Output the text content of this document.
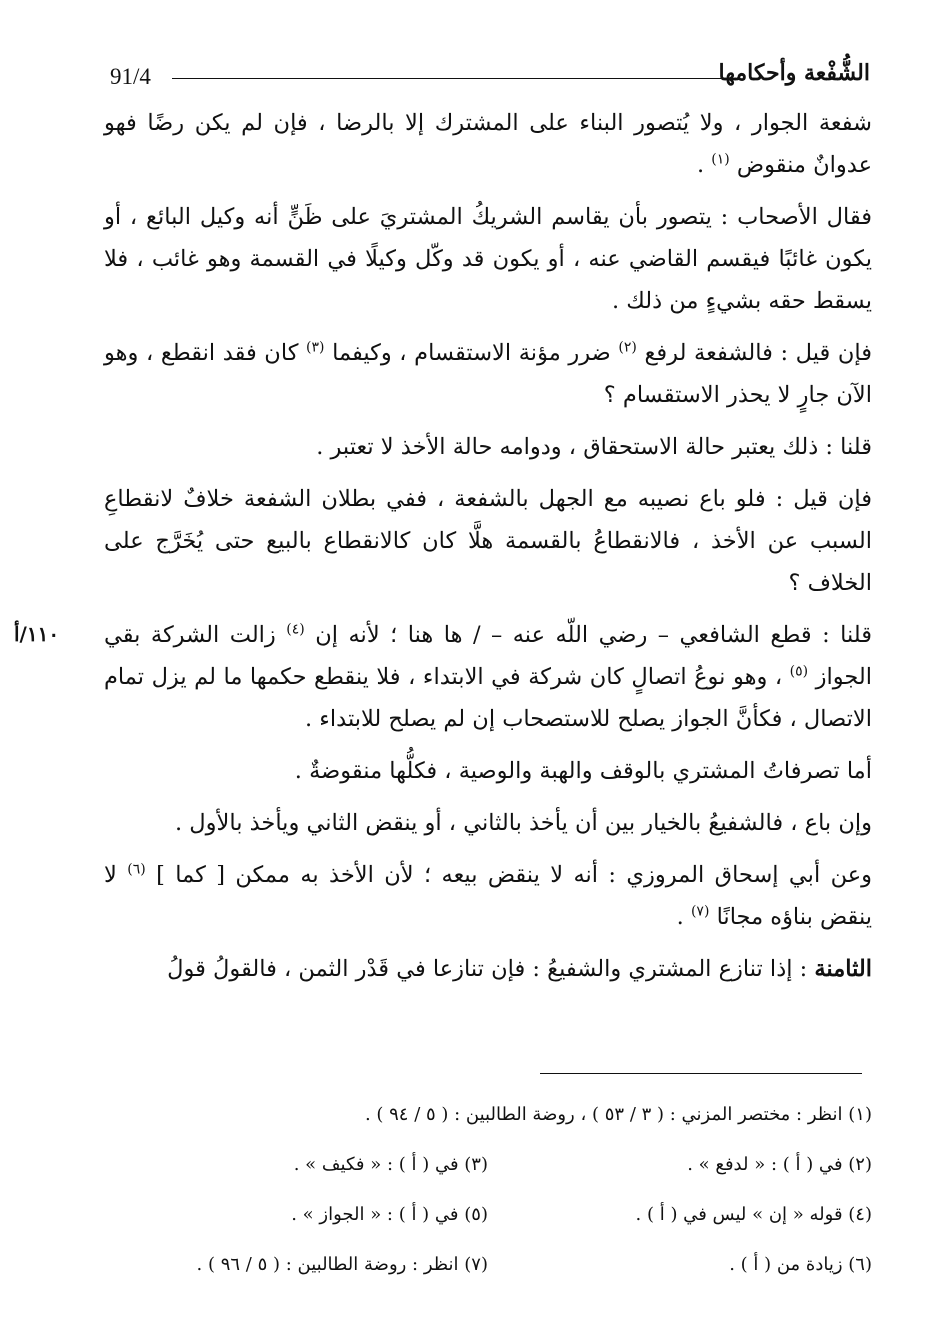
91/4	الشُّفْعة وأحكامها
١١٠/أ

شفعة الجوار ، ولا يُتصور البناء على المشترك إلا بالرضا ، فإن لم يكن رضًا فهو عدوانٌ منقوض $^{(١)}$ .

فقال الأصحاب : يتصور بأن يقاسم الشريكُ المشتريَ على ظَنٍّ أنه وكيل البائع ، أو يكون غائبًا فيقسم القاضي عنه ، أو يكون قد وكّل وكيلًا في القسمة وهو غائب ، فلا يسقط حقه بشيءٍ من ذلك .

فإن قيل : فالشفعة لرفع $^{(٢)}$ ضرر مؤنة الاستقسام ، وكيفما $^{(٣)}$ كان فقد انقطع ، وهو الآن جارٍ لا يحذر الاستقسام ؟

قلنا : ذلك يعتبر حالة الاستحقاق ، ودوامه حالة الأخذ لا تعتبر .

فإن قيل : فلو باع نصيبه مع الجهل بالشفعة ، ففي بطلان الشفعة خلافٌ لانقطاعِ السبب عن الأخذ ، فالانقطاعُ بالقسمة هلَّا كان كالانقطاع بالبيع حتى يُخَرَّج على الخلاف ؟

قلنا : قطع الشافعي – رضي اللّه عنه – / ها هنا ؛ لأنه إن $^{(٤)}$ زالت الشركة بقي الجواز $^{(٥)}$ ، وهو نوعُ اتصالٍ كان شركة في الابتداء ، فلا ينقطع حكمها ما لم يزل تمام الاتصال ، فكأنَّ الجواز يصلح للاستصحاب إن لم يصلح للابتداء .

أما تصرفاتُ المشتري بالوقف والهبة والوصية ، فكلُّها منقوضةٌ .

وإن باع ، فالشفيعُ بالخيار بين أن يأخذ بالثاني ، أو ينقض الثاني ويأخذ بالأول .

وعن أبي إسحاق المروزي : أنه لا ينقض بيعه ؛ لأن الأخذ به ممكن [ كما ] $^{(٦)}$ لا ينقض بناؤه مجانًا $^{(٧)}$ .

الثامنة : إذا تنازع المشتري والشفيعُ : فإن تنازعا في قَدْر الثمن ، فالقولُ قولُ

(١) انظر : مختصر المزني : ( ٣ / ٥٣ ) ، روضة الطالبين : ( ٥ / ٩٤ ) .
(٢) في ( أ ) : « لدفع » .
(٣) في ( أ ) : « فكيف » .
(٤) قوله « إن » ليس في ( أ ) .
(٥) في ( أ ) : « الجواز » .
(٦) زيادة من ( أ ) .
(٧) انظر : روضة الطالبين : ( ٥ / ٩٦ ) .
